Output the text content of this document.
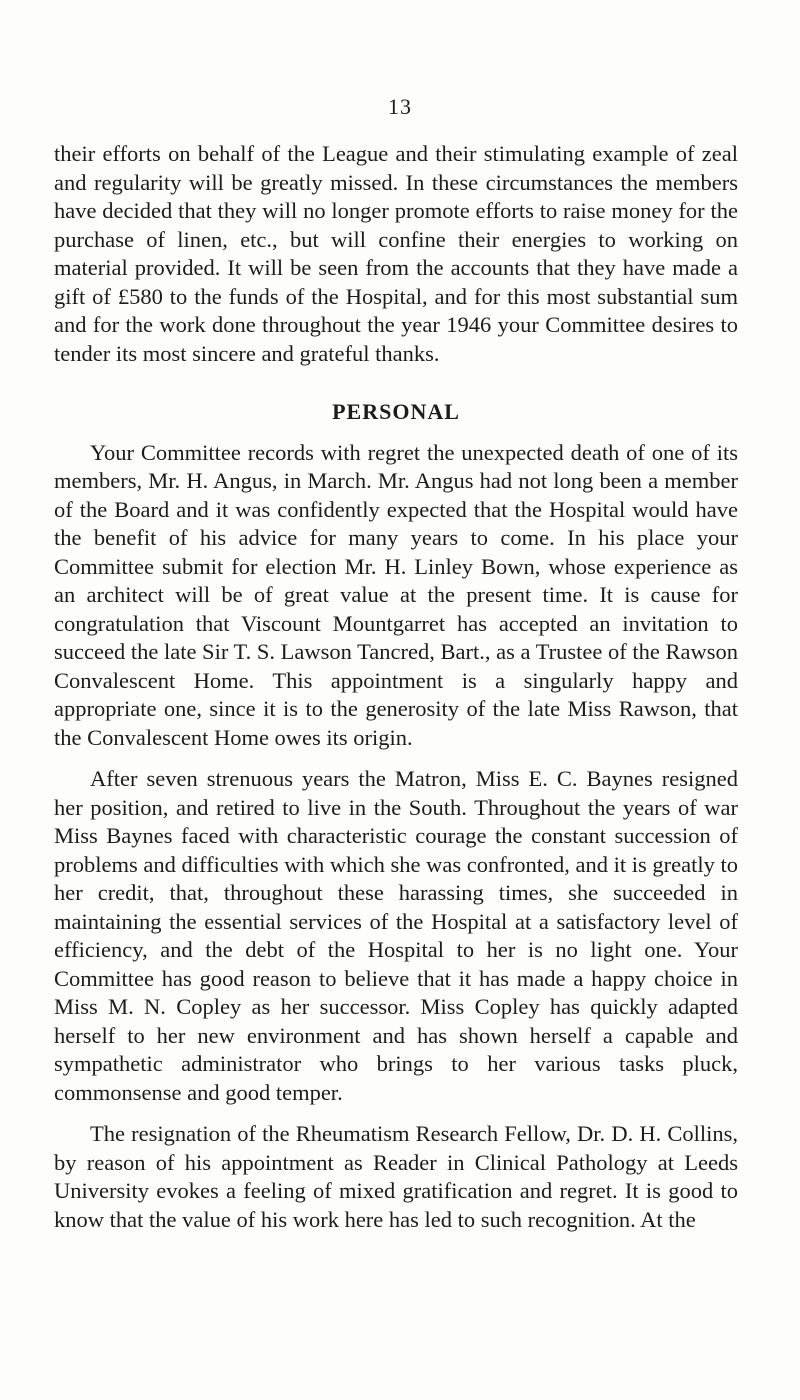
13

their efforts on behalf of the League and their stimulating example of zeal and regularity will be greatly missed. In these circumstances the members have decided that they will no longer promote efforts to raise money for the purchase of linen, etc., but will confine their energies to working on material provided. It will be seen from the accounts that they have made a gift of £580 to the funds of the Hospital, and for this most substantial sum and for the work done throughout the year 1946 your Committee desires to tender its most sincere and grateful thanks.

PERSONAL

Your Committee records with regret the unexpected death of one of its members, Mr. H. Angus, in March. Mr. Angus had not long been a member of the Board and it was confidently expected that the Hospital would have the benefit of his advice for many years to come. In his place your Committee submit for election Mr. H. Linley Bown, whose experience as an architect will be of great value at the present time. It is cause for congratulation that Viscount Mountgarret has accepted an invitation to succeed the late Sir T. S. Lawson Tancred, Bart., as a Trustee of the Rawson Convalescent Home. This appointment is a singularly happy and appropriate one, since it is to the generosity of the late Miss Rawson, that the Convalescent Home owes its origin.

After seven strenuous years the Matron, Miss E. C. Baynes resigned her position, and retired to live in the South. Throughout the years of war Miss Baynes faced with characteristic courage the constant succession of problems and difficulties with which she was confronted, and it is greatly to her credit, that, throughout these harassing times, she succeeded in maintaining the essential services of the Hospital at a satisfactory level of efficiency, and the debt of the Hospital to her is no light one. Your Committee has good reason to believe that it has made a happy choice in Miss M. N. Copley as her successor. Miss Copley has quickly adapted herself to her new environment and has shown herself a capable and sympathetic administrator who brings to her various tasks pluck, commonsense and good temper.

The resignation of the Rheumatism Research Fellow, Dr. D. H. Collins, by reason of his appointment as Reader in Clinical Pathology at Leeds University evokes a feeling of mixed gratification and regret. It is good to know that the value of his work here has led to such recognition. At the
